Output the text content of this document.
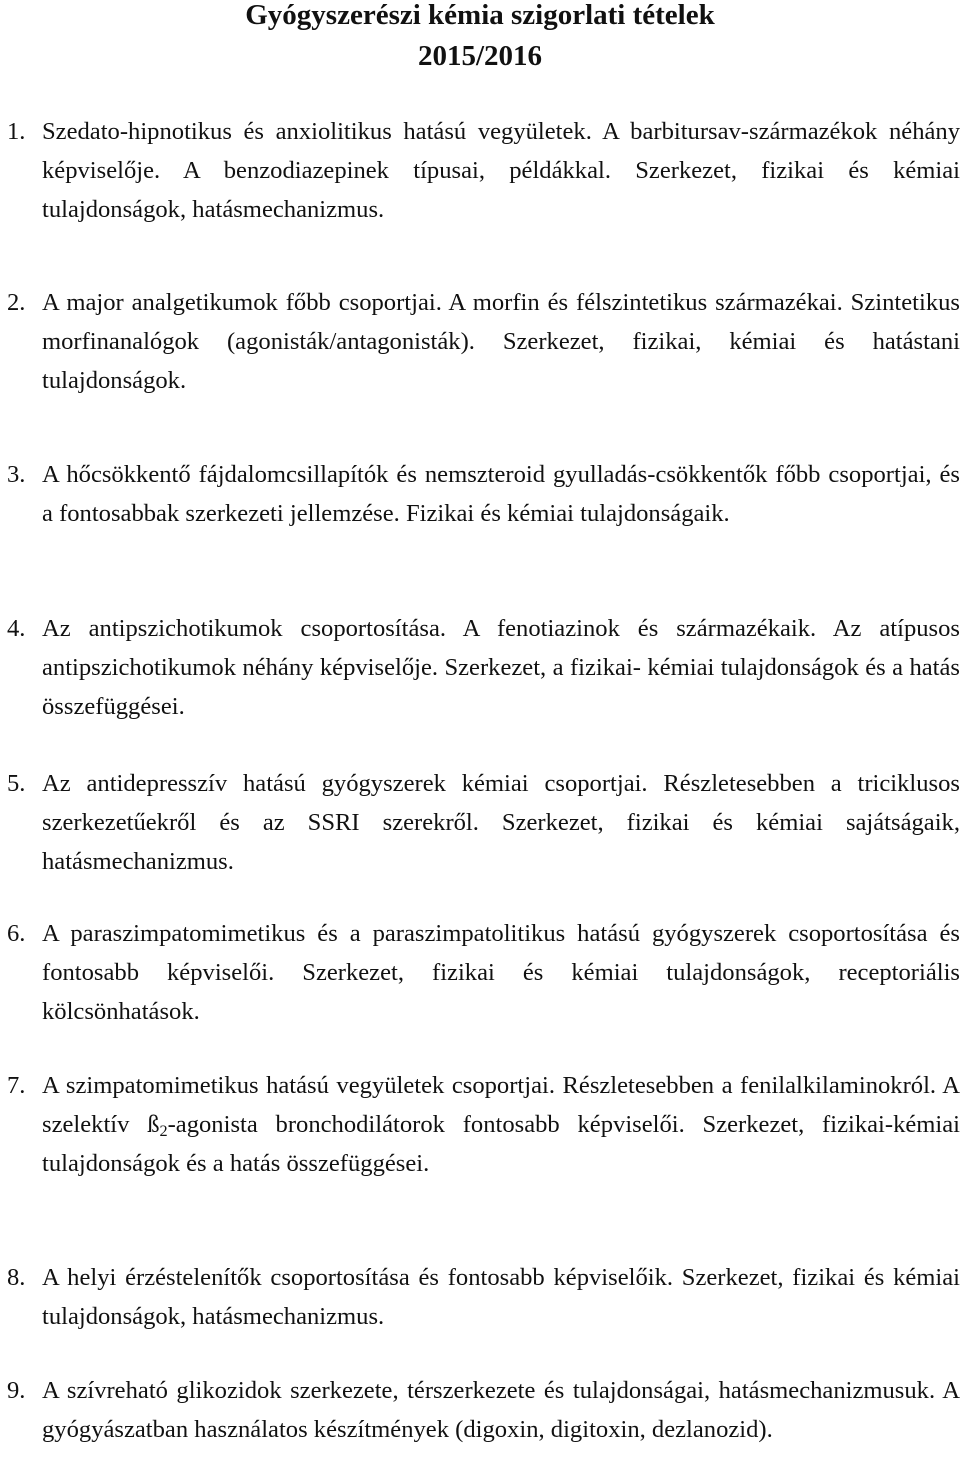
Gyógyszerészi kémia szigorlati tételek
2015/2016
1. Szedato-hipnotikus és anxiolitikus hatású vegyületek. A barbitursav-származékok néhány képviselője. A benzodiazepinek típusai, példákkal. Szerkezet, fizikai és kémiai tulajdonságok, hatásmechanizmus.
2. A major analgetikumok főbb csoportjai. A morfin és félszintetikus származékai. Szintetikus morfinanalógok (agonisták/antagonisták). Szerkezet, fizikai, kémiai és hatástani tulajdonságok.
3. A hőcsökkentő fájdalomcsillapítók és nemszteroid gyulladás-csökkentők főbb csoportjai, és a fontosabbak szerkezeti jellemzése. Fizikai és kémiai tulajdonságaik.
4. Az antipszichotikumok csoportosítása. A fenotiazinok és származékaik. Az atípusos antipszichotikumok néhány képviselője. Szerkezet, a fizikai- kémiai tulajdonságok és a hatás összefüggései.
5. Az antidepresszív hatású gyógyszerek kémiai csoportjai. Részletesebben a triciklusos szerkezetűekről és az SSRI szerekről. Szerkezet, fizikai és kémiai sajátságaik, hatásmechanizmus.
6. A paraszimpatomimetikus és a paraszimpatolitikus hatású gyógyszerek csoportosítása és fontosabb képviselői. Szerkezet, fizikai és kémiai tulajdonságok, receptoriális kölcsönhatások.
7. A szimpatomimetikus hatású vegyületek csoportjai. Részletesebben a fenilalkilaminokról. A szelektív $ß_2$-agonista bronchodilátorok fontosabb képviselői. Szerkezet, fizikai-kémiai tulajdonságok és a hatás összefüggései.
8. A helyi érzéstelenítők csoportosítása és fontosabb képviselőik. Szerkezet, fizikai és kémiai tulajdonságok, hatásmechanizmus.
9. A szívreható glikozidok szerkezete, térszerkezete és tulajdonságai, hatásmechanizmusuk. A gyógyászatban használatos készítmények (digoxin, digitoxin, dezlanozid).
